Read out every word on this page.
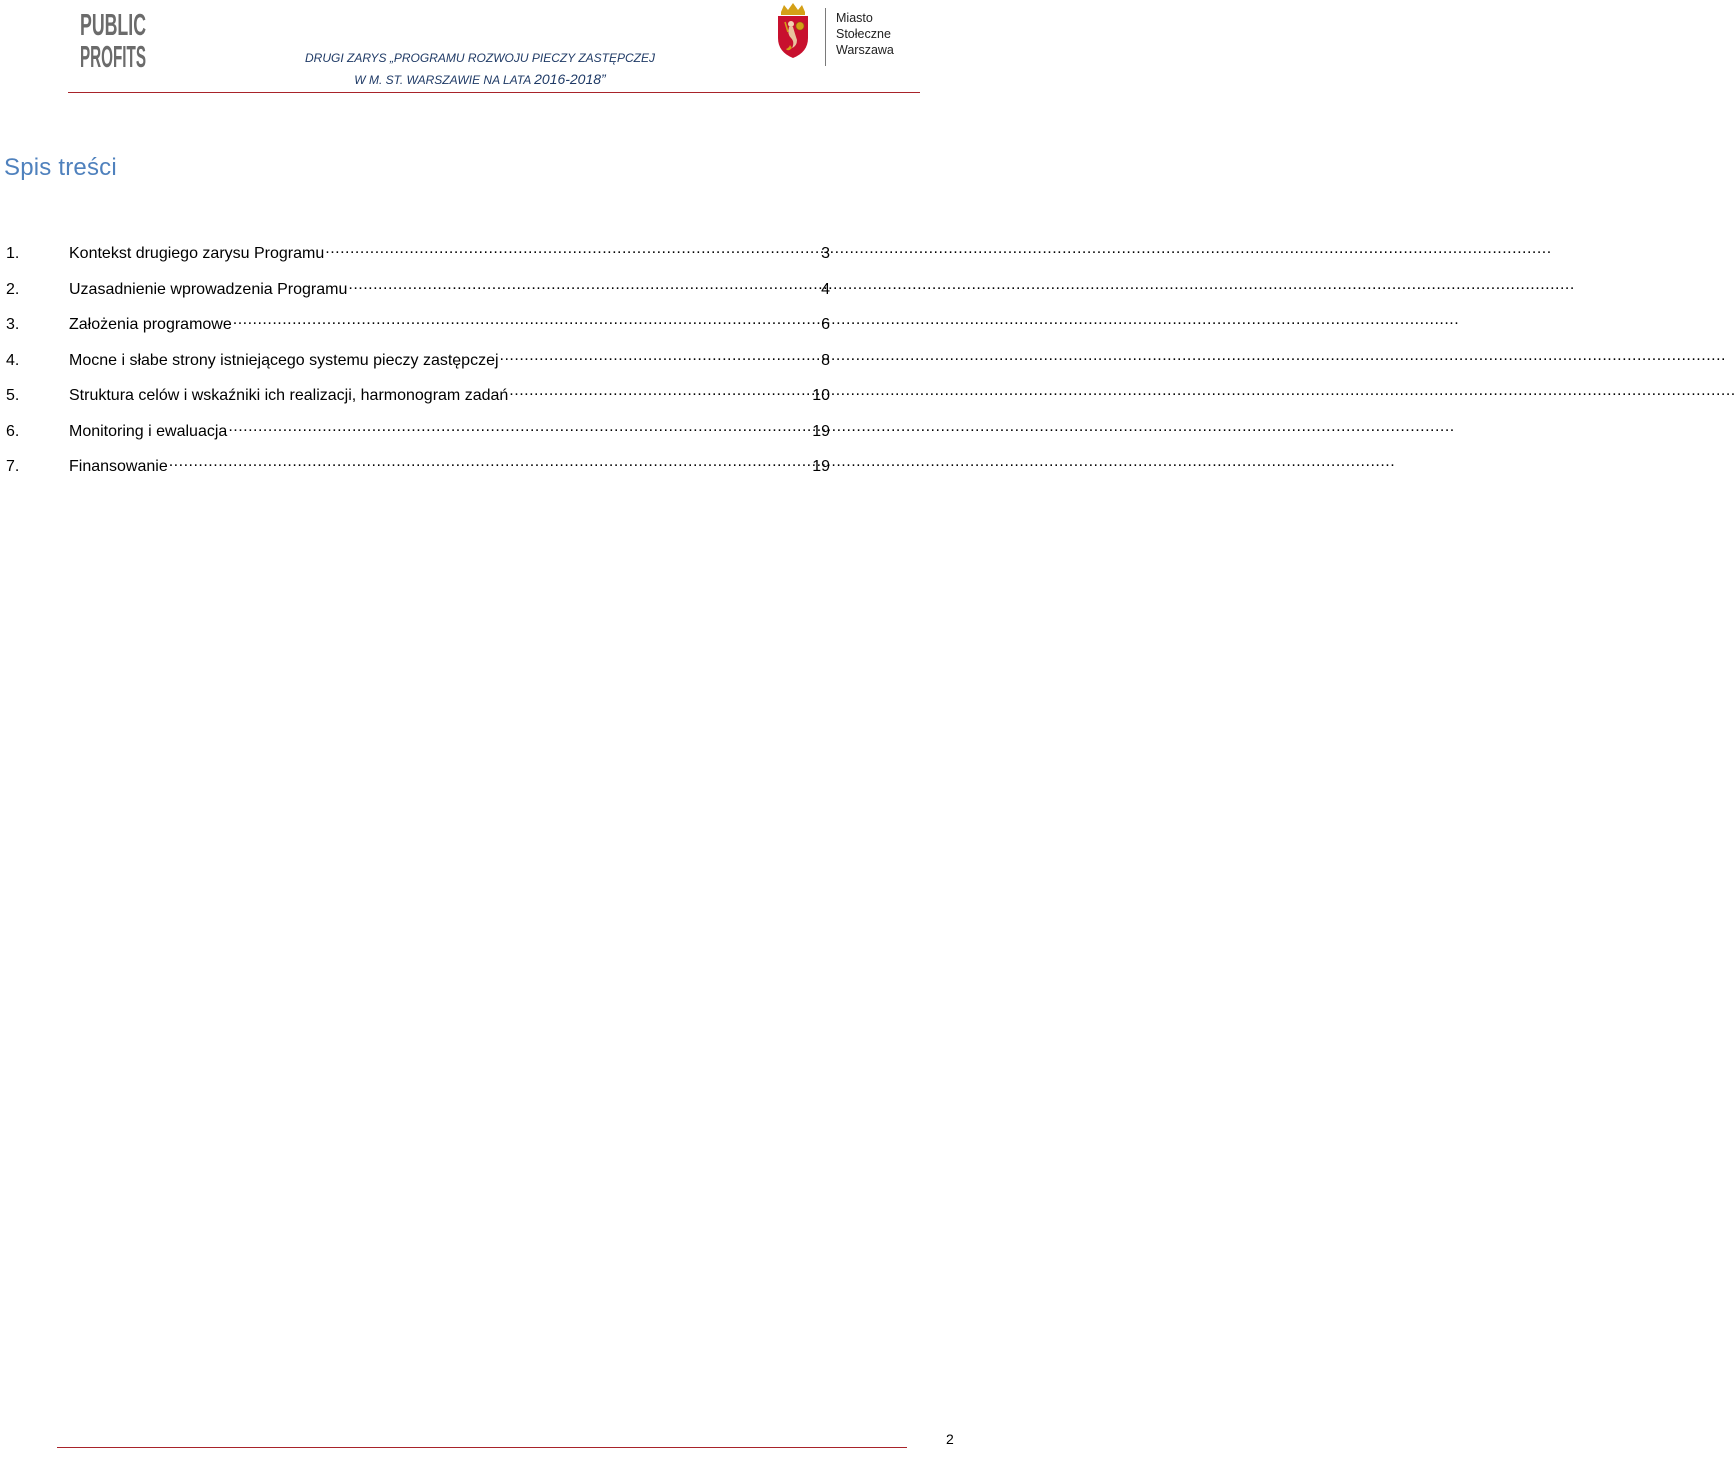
PUBLIC
PROFITS	DRUGI ZARYS „PROGRAMU ROZWOJU PIECZY ZASTĘPCZEJ
W M. ST. WARSZAWIE NA LATA 2016-2018”
Miasto
Stołeczne
Warszawa
Spis treści
1.	Kontekst drugiego zarysu Programu .....	3
2.	Uzasadnienie wprowadzenia Programu .....	4
3.	Założenia programowe .....	6
4.	Mocne i słabe strony istniejącego systemu pieczy zastępczej .....	8
5.	Struktura celów i wskaźniki ich realizacji, harmonogram zadań .....	10
6.	Monitoring i ewaluacja .....	19
7.	Finansowanie .....	19
2
